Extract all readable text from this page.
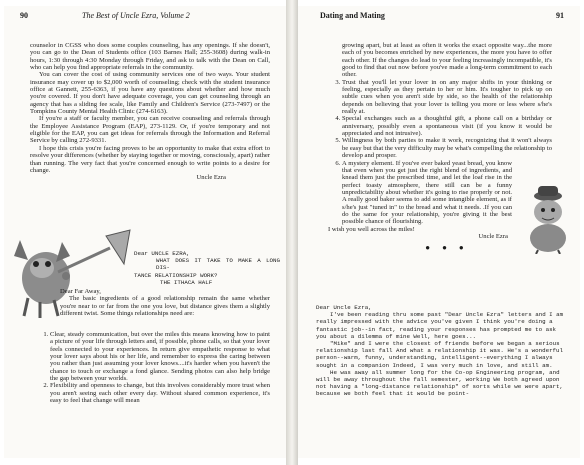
90	The Best of Uncle Ezra, Volume 2

counselor in CGSS who does some couples counseling, has any openings. If she doesn't, you can go to the Dean of Students office (103 Barnes Hall; 255-3608) during walk-in hours, 1:30 through 4:30 Monday through Friday, and ask to talk with the Dean on Call, who can help you find appropriate referrals in the community.

You can cover the cost of using community services one of two ways. Your student insurance may cover up to $2,000 worth of counseling; check with the student insurance office at Gannett, 255-6363, if you have any questions about whether and how much you're covered. If you don't have adequate coverage, you can get counseling through an agency that has a sliding fee scale, like Family and Children's Service (273-7497) or the Tompkins County Mental Health Clinic (274-6163).

If you're a staff or faculty member, you can receive counseling and referrals through the Employee Assistance Program (EAP), 273-1129. Or, if you're temporary and not eligible for the EAP, you can get ideas for referrals through the Information and Referral Service by calling 272-9331.

I hope this crisis you're facing proves to be an opportunity to make that extra effort to resolve your differences (whether by staying together or moving, consciously, apart) rather than running. The very fact that you're concerned enough to write points to a desire for change.

Uncle Ezra
Dear UNCLE EZRA,
WHAT DOES IT TAKE TO MAKE A LONG DIS-
TANCE RELATIONSHIP WORK?
THE ITHACA HALF

Dear Far Away,

The basic ingredients of a good relationship remain the same whether you're near to or far from the one you love, but distance gives them a slightly different twist. Some things relationships need are:

1. Clear, steady communication, but over the miles this means knowing how to paint a picture of your life through letters and, if possible, phone calls, so that your lover feels connected to your experiences. In return give empathetic response to what your lover says about his or her life, and remember to express the caring between you rather than just assuming your lover knows....it's harder when you haven't the chance to touch or exchange a fond glance. Sending photos can also help bridge the gap between your worlds.
2. Flexibility and openness to change, but this involves considerably more trust when you aren't seeing each other every day. Without shared common experience, it's easy to feel that change will mean
Dating and Mating	91

growing apart, but at least as often it works the exact opposite way...the more each of you becomes enriched by new experiences, the more you have to offer each other. If the changes do lead to your feeling increasingly incompatible, it's good to find that out now before you've made a long-term commitment to each other.

3. Trust that you'll let your lover in on any major shifts in your thinking or feeling, especially as they pertain to her or him. It's tougher to pick up on subtle cues when you aren't side by side, so the health of the relationship depends on believing that your lover is telling you more or less where s/he's really at.
4. Special exchanges such as a thoughtful gift, a phone call on a birthday or anniversary, possibly even a spontaneous visit (if you know it would be appreciated and not intrusive).
5. Willingness by both parties to make it work, recognizing that it won't always be easy but that the very difficulty may be what's compelling the relationship to develop and prosper.
6. A mystery element. If you've ever baked yeast bread, you know that even when you get just the right blend of ingredients, and knead them just the prescribed time, and let the loaf rise in the perfect toasty atmosphere, there still can be a funny unpredictability about whether it's going to rise properly or not. A really good baker seems to add some intangible element, as if s/he's just "tuned in" to the bread and what it needs. .If you can do the same for your relationship, you're giving it the best possible chance of flourishing.

I wish you well across the miles!

Uncle Ezra
● ● ●
Dear Uncle Ezra,
I've been reading thru some past "Dear Uncle Ezra" letters and I am really impressed with the advice you've given I think you're doing a fantastic job--in fact, reading your responses has prompted me to ask you about a dilemma of mine Well, here goes...
"Mike" and I were the closest of friends before we began a serious relationship last fall And what a relationship it was. He's a wonderful person--warm, funny, understanding, intelligent--everything I always sought in a companion Indeed, I was very much in love, and still am.
He was away all summer long for the Co-op Engineering program, and will be away throughout the fall semester, working We both agreed upon not having a "long-distance relationship" of sorts while we were apart, because we both feel that it would be point-
